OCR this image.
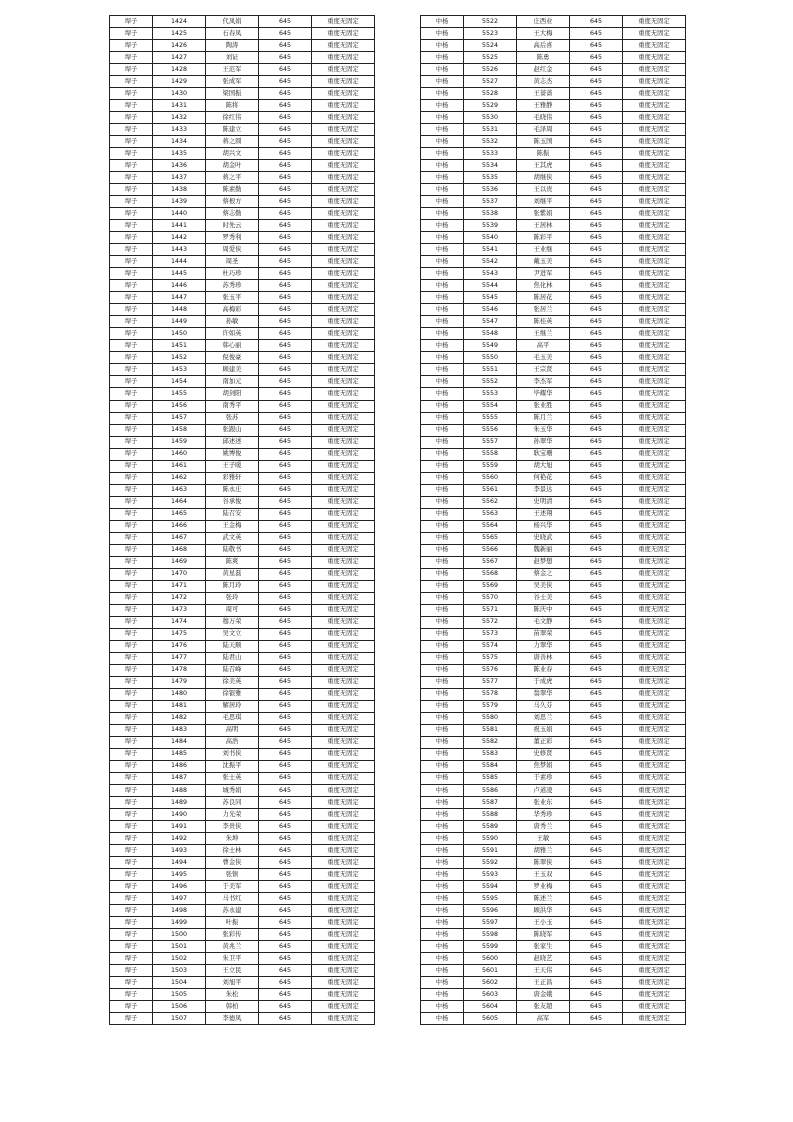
垾子	1424	代凤娟	645	重度无固定
垾子	1425	石春凤	645	重度无固定
垾子	1426	陶涛	645	重度无固定
垾子	1427	刘证	645	重度无固定
垾子	1428	王范军	645	重度无固定
垾子	1429	张成军	645	重度无固定
垾子	1430	梁国振	645	重度无固定
垾子	1431	陈将	645	重度无固定
垾子	1432	徐红伟	645	重度无固定
垾子	1433	陈建立	645	重度无固定
垾子	1434	蒋之圆	645	重度无固定
垾子	1435	胡兴文	645	重度无固定
垾子	1436	胡金叶	645	重度无固定
垾子	1437	蒋之平	645	重度无固定
垾子	1438	陈素勤	645	重度无固定
垾子	1439	蔡根方	645	重度无固定
垾子	1440	蔡志勤	645	重度无固定
垾子	1441	时先云	645	重度无固定
垾子	1442	罗秀利	645	重度无固定
垾子	1443	周爱侠	645	重度无固定
垾子	1444	周圣	645	重度无固定
垾子	1445	杜巧珍	645	重度无固定
垾子	1446	苏秀珍	645	重度无固定
垾子	1447	张玉平	645	重度无固定
垾子	1448	高梅彩	645	重度无固定
垾子	1449	孙敏	645	重度无固定
垾子	1450	许如英	645	重度无固定
垾子	1451	韩心丽	645	重度无固定
垾子	1452	倪俊豪	645	重度无固定
垾子	1453	顾建美	645	重度无固定
垾子	1454	南加元	645	重度无固定
垾子	1455	胡剑阳	645	重度无固定
垾子	1456	南秀平	645	重度无固定
垾子	1457	张苏	645	重度无固定
垾子	1458	张跟山	645	重度无固定
垾子	1459	邱述述	645	重度无固定
垾子	1460	姚博俊	645	重度无固定
垾子	1461	王子暖	645	重度无固定
垾子	1462	彩雅轩	645	重度无固定
垾子	1463	陈永庄	645	重度无固定
垾子	1464	谷承俊	645	重度无固定
垾子	1465	陆召安	645	重度无固定
垾子	1466	王金梅	645	重度无固定
垾子	1467	武文英	645	重度无固定
垾子	1468	陆敬书	645	重度无固定
垾子	1469	陈爽	645	重度无固定
垾子	1470	黄星磊	645	重度无固定
垾子	1471	陈月玲	645	重度无固定
垾子	1472	张玲	645	重度无固定
垾子	1473	周可	645	重度无固定
垾子	1474	穆万荣	645	重度无固定
垾子	1475	吴文立	645	重度无固定
垾子	1476	陆天顺	645	重度无固定
垾子	1477	陆君山	645	重度无固定
垾子	1478	陆召峰	645	重度无固定
垾子	1479	徐美英	645	重度无固定
垾子	1480	徐银雅	645	重度无固定
垾子	1481	解居玲	645	重度无固定
垾子	1482	毛思琪	645	重度无固定
垾子	1483	高明	645	重度无固定
垾子	1484	高浩	645	重度无固定
垾子	1485	刘书侠	645	重度无固定
垾子	1486	沈振平	645	重度无固定
垾子	1487	张士英	645	重度无固定
垾子	1488	城秀娟	645	重度无固定
垾子	1489	苏良同	645	重度无固定
垾子	1490	力光荣	645	重度无固定
垾子	1491	李贵侠	645	重度无固定
垾子	1492	朱坤	645	重度无固定
垾子	1493	徐士林	645	重度无固定
垾子	1494	曹金侠	645	重度无固定
垾子	1495	张镇	645	重度无固定
垾子	1496	于美军	645	重度无固定
垾子	1497	马书红	645	重度无固定
垾子	1498	苏永建	645	重度无固定
垾子	1499	叶振	645	重度无固定
垾子	1500	张彩传	645	重度无固定
垾子	1501	黄兆兰	645	重度无固定
垾子	1502	朱卫平	645	重度无固定
垾子	1503	王立民	645	重度无固定
垾子	1504	刘旭平	645	重度无固定
垾子	1505	朱松	645	重度无固定
垾子	1506	韩柏	645	重度无固定
垾子	1507	李德凤	645	重度无固定
中杨	5522	庄西业	645	重度无固定
中杨	5523	王大梅	645	重度无固定
中杨	5524	高后喜	645	重度无固定
中杨	5525	陈勇	645	重度无固定
中杨	5526	赵红金	645	重度无固定
中杨	5527	黄志杰	645	重度无固定
中杨	5528	王蔷蔷	645	重度无固定
中杨	5529	王雅静	645	重度无固定
中杨	5530	毛晓伟	645	重度无固定
中杨	5531	毛泽周	645	重度无固定
中杨	5532	陈玉国	645	重度无固定
中杨	5533	陈振	645	重度无固定
中杨	5534	王其虎	645	重度无固定
中杨	5535	胡继侠	645	重度无固定
中杨	5536	王以贵	645	重度无固定
中杨	5537	刘继平	645	重度无固定
中杨	5538	张紫娟	645	重度无固定
中杨	5539	王居林	645	重度无固定
中杨	5540	陈彩平	645	重度无固定
中杨	5541	王业继	645	重度无固定
中杨	5542	戴玉美	645	重度无固定
中杨	5543	尹进军	645	重度无固定
中杨	5544	焦化林	645	重度无固定
中杨	5545	陈居花	645	重度无固定
中杨	5546	张居兰	645	重度无固定
中杨	5547	陈桂英	645	重度无固定
中杨	5548	王继兰	645	重度无固定
中杨	5549	高平	645	重度无固定
中杨	5550	毛玉美	645	重度无固定
中杨	5551	王宗贤	645	重度无固定
中杨	5552	李杰军	645	重度无固定
中杨	5553	毕耀华	645	重度无固定
中杨	5554	张业胜	645	重度无固定
中杨	5555	陈月兰	645	重度无固定
中杨	5556	朱玉华	645	重度无固定
中杨	5557	孙翠华	645	重度无固定
中杨	5558	耿宝珊	645	重度无固定
中杨	5559	胡大旭	645	重度无固定
中杨	5560	何艳花	645	重度无固定
中杨	5561	李景达	645	重度无固定
中杨	5562	史明清	645	重度无固定
中杨	5563	王述翔	645	重度无固定
中杨	5564	杨兴华	645	重度无固定
中杨	5565	史晓武	645	重度无固定
中杨	5566	魏新丽	645	重度无固定
中杨	5567	赵梦想	645	重度无固定
中杨	5568	蔡金之	645	重度无固定
中杨	5569	吴美侠	645	重度无固定
中杨	5570	谷士美	645	重度无固定
中杨	5571	陈庆中	645	重度无固定
中杨	5572	毛文静	645	重度无固定
中杨	5573	苗翠荣	645	重度无固定
中杨	5574	力翠华	645	重度无固定
中杨	5575	唐善林	645	重度无固定
中杨	5576	陈业春	645	重度无固定
中杨	5577	于成虎	645	重度无固定
中杨	5578	翁翠华	645	重度无固定
中杨	5579	马久芬	645	重度无固定
中杨	5580	刘思兰	645	重度无固定
中杨	5581	祝玉娟	645	重度无固定
中杨	5582	董正彩	645	重度无固定
中杨	5583	史修贤	645	重度无固定
中杨	5584	焦梦娟	645	重度无固定
中杨	5585	于素珍	645	重度无固定
中杨	5586	卢道凌	645	重度无固定
中杨	5587	张业东	645	重度无固定
中杨	5588	华秀珍	645	重度无固定
中杨	5589	唐秀兰	645	重度无固定
中杨	5590	王敏	645	重度无固定
中杨	5591	胡雅兰	645	重度无固定
中杨	5592	陈翠侠	645	重度无固定
中杨	5593	王玉双	645	重度无固定
中杨	5594	罗业梅	645	重度无固定
中杨	5595	陈述兰	645	重度无固定
中杨	5596	顾洪华	645	重度无固定
中杨	5597	王小玉	645	重度无固定
中杨	5598	陈晓军	645	重度无固定
中杨	5599	张家生	645	重度无固定
中杨	5600	赵晓艺	645	重度无固定
中杨	5601	王天伟	645	重度无固定
中杨	5602	王正昌	645	重度无固定
中杨	5603	唐金娥	645	重度无固定
中杨	5604	张友超	645	重度无固定
中杨	5605	高军	645	重度无固定
